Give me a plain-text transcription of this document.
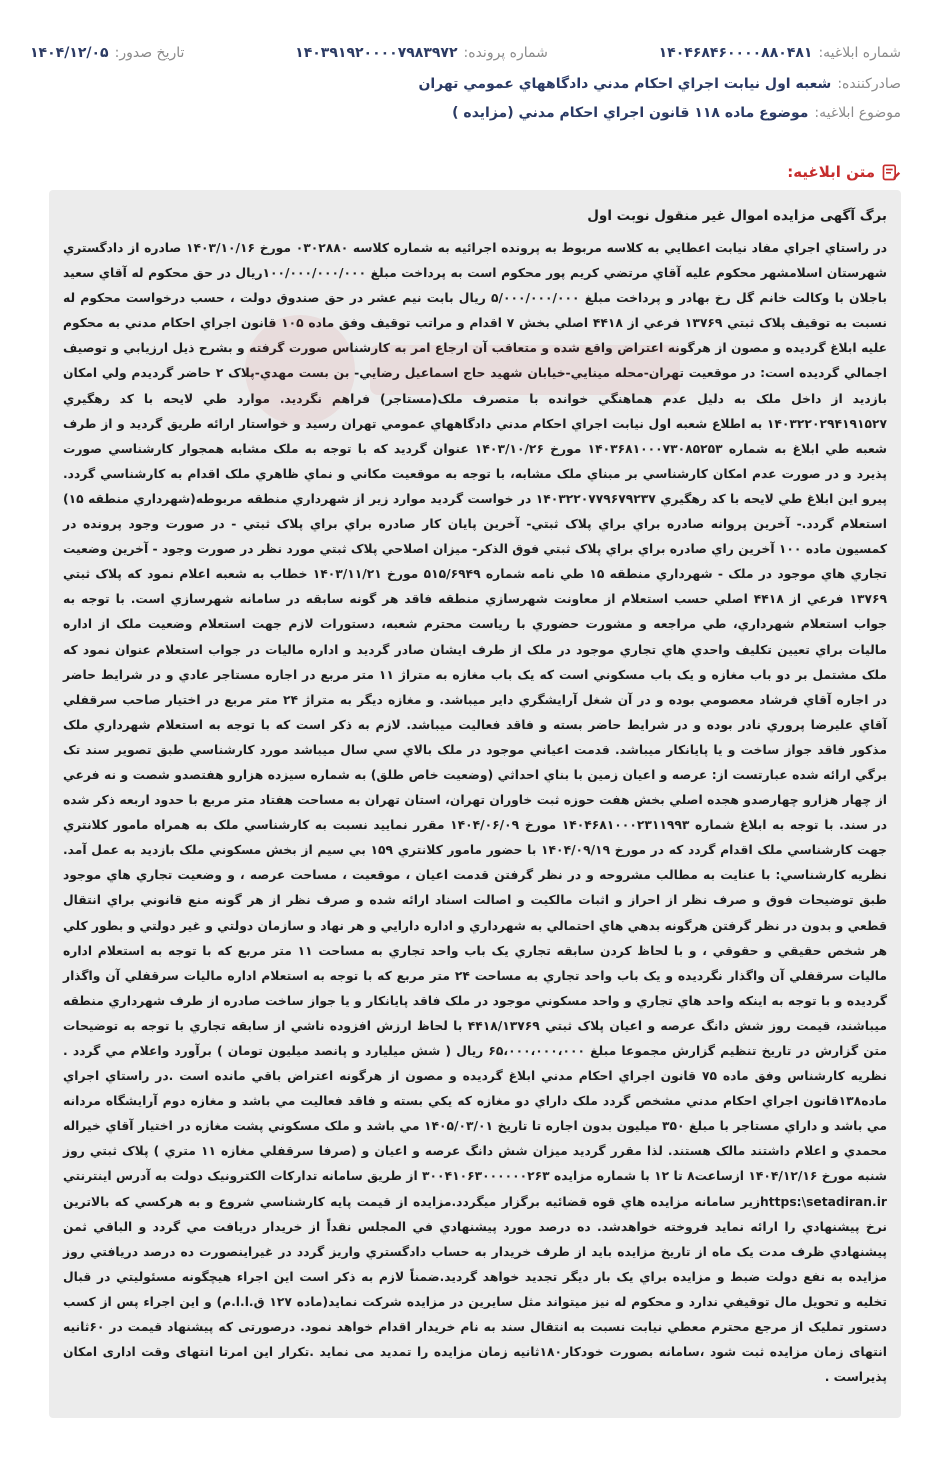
شماره ابلاغيه:
۱۴۰۴۶۸۴۶۰۰۰۰۸۸۰۴۸۱
شماره پرونده:
۱۴۰۳۹۱۹۲۰۰۰۰۷۹۸۳۹۷۲
تاريخ صدور:
۱۴۰۴/۱۲/۰۵
صادرکننده:
شعبه اول نيابت اجراي احکام مدني دادگاههاي عمومي تهران
موضوع ابلاغيه:
موضوع ماده ۱۱۸ قانون اجراي احکام مدني (مزايده )
متن ابلاغيه:
برگ آگهی مزايده اموال غير منقول نوبت اول

در راستاي اجراي مفاد نيابت اعطايي به کلاسه مربوط به پرونده اجرائيه به شماره کلاسه ۰۳۰۲۸۸۰ مورخ ۱۴۰۳/۱۰/۱۶ صادره از دادگستري شهرستان اسلامشهر محکوم عليه آقاي مرتضي کريم پور محکوم است به پرداخت مبلغ ۱۰۰/۰۰۰/۰۰۰/۰۰۰ريال در حق محکوم له آقاي سعيد باجلان با وکالت خانم گل رخ بهادر و پرداخت مبلغ ۵/۰۰۰/۰۰۰/۰۰۰ ريال بابت نيم عشر در حق صندوق دولت ، حسب درخواست محکوم له نسبت به توقيف پلاک ثبتي ۱۳۷۶۹ فرعي از ۴۴۱۸ اصلي بخش ۷ اقدام و مراتب توقيف وفق ماده ۱۰۵ قانون اجراي احکام مدني به محکوم عليه ابلاغ گرديده و مصون از هرگونه اعتراض واقع شده و متعاقب آن ارجاع امر به کارشناس صورت گرفته و بشرح ذيل ارزيابي و توصيف اجمالي گرديده است: در موقعيت تهران-محله مينايي-خيابان شهيد حاج اسماعيل رضايي- بن بست مهدي-پلاک ۲ حاضر گرديدم ولي امکان بازديد از داخل ملک به دليل عدم هماهنگي خوانده با متصرف ملک(مستاجر) فراهم نگرديد. موارد طي لايحه با کد رهگيري ۱۴۰۳۲۲۰۲۹۴۱۹۱۵۲۷ به اطلاع شعبه اول نيابت اجراي احکام مدني دادگاههاي عمومي تهران رسيد و خواستار ارائه طريق گرديد و از طرف شعبه طي ابلاغ به شماره ۱۴۰۳۶۸۱۰۰۰۷۳۰۸۵۲۵۳ مورخ ۱۴۰۳/۱۰/۲۶ عنوان گرديد که با توجه به ملک مشابه همجوار کارشناسي صورت پذيرد و در صورت عدم امکان کارشناسي بر مبناي ملک مشابه، با توجه به موقعيت مکاني و نماي ظاهري ملک اقدام به کارشناسي گردد. پيرو اين ابلاغ طي لايحه با کد رهگيري ۱۴۰۳۲۲۰۷۷۹۶۷۹۲۳۷ در خواست گرديد موارد زير از شهرداري منطقه مربوطه(شهرداري منطقه ۱۵) استعلام گردد.- آخرين پروانه صادره براي براي پلاک ثبتي- آخرين پايان کار صادره براي براي پلاک ثبتي - در صورت وجود پرونده در کمسيون ماده ۱۰۰ آخرين راي صادره براي براي پلاک ثبتي فوق الذکر- ميزان اصلاحي پلاک ثبتي مورد نظر در صورت وجود - آخرين وضعيت تجاري هاي موجود در ملک - شهرداري منطقه ۱۵ طي نامه شماره ۵۱۵/۶۹۴۹ مورخ ۱۴۰۳/۱۱/۲۱ خطاب به شعبه اعلام نمود که پلاک ثبتي ۱۳۷۶۹ فرعي از ۴۴۱۸ اصلي حسب استعلام از معاونت شهرسازي منطقه فاقد هر گونه سابقه در سامانه شهرسازي است. با توجه به جواب استعلام شهرداري، طي مراجعه و مشورت حضوري با رياست محترم شعبه، دستورات لازم جهت استعلام وضعيت ملک از اداره ماليات براي تعيين تکليف واحدي هاي تجاري موجود در ملک از طرف ايشان صادر گرديد و اداره ماليات در جواب استعلام عنوان نمود که ملک مشتمل بر دو باب مغازه و يک باب مسکوني است که يک باب مغازه به متراژ ۱۱ متر مربع در اجاره مستاجر عادي و در شرايط حاضر در اجاره آقاي فرشاد معصومي بوده و در آن شغل آرايشگري داير ميباشد. و مغازه ديگر به متراژ ۲۴ متر مربع در اختيار صاحب سرقفلي آقاي عليرضا پروري نادر بوده و در شرايط حاضر بسته و فاقد فعاليت ميباشد. لازم به ذکر است که با توجه به استعلام شهرداري ملک مذکور فاقد جواز ساخت و يا پايانکار ميباشد. قدمت اعياني موجود در ملک بالاي سي سال ميباشد مورد کارشناسي طبق تصوير سند تک برگي ارائه شده عبارتست از: عرصه و اعيان زمين با بناي احداثي (وضعيت خاص طلق) به شماره سيزده هزارو هفتصدو شصت و نه فرعي از چهار هزارو چهارصدو هجده اصلي بخش هفت حوزه ثبت خاوران تهران، استان تهران به مساحت هفتاد متر مربع با حدود اربعه ذکر شده در سند. با توجه به ابلاغ شماره ۱۴۰۴۶۸۱۰۰۰۲۳۱۱۹۹۳ مورخ ۱۴۰۴/۰۶/۰۹ مقرر نماييد نسبت به کارشناسي ملک به همراه مامور کلانتري جهت کارشناسي ملک اقدام گردد که در مورخ ۱۴۰۴/۰۹/۱۹ با حضور مامور کلانتري ۱۵۹ بي سيم از بخش مسکوني ملک بازديد به عمل آمد. نظريه کارشناسي: با عنايت به مطالب مشروحه و در نظر گرفتن قدمت اعيان ، موقعيت ، مساحت عرصه ، و وضعيت تجاري هاي موجود طبق توضيحات فوق و صرف نظر از احراز و اثبات مالکيت و اصالت اسناد ارائه شده و صرف نظر از هر گونه منع قانوني براي انتقال قطعي و بدون در نظر گرفتن هرگونه بدهي هاي احتمالي به شهرداري و اداره دارايي و هر نهاد و سازمان دولتي و غير دولتي و بطور کلي هر شخص حقيقي و حقوقي ، و با لحاظ کردن سابقه تجاري يک باب واحد تجاري به مساحت ۱۱ متر مربع که با توجه به استعلام اداره ماليات سرقفلي آن واگذار نگرديده و يک باب واحد تجاري به مساحت ۲۴ متر مربع که با توجه به استعلام اداره ماليات سرقفلي آن واگذار گرديده و با توجه به اينکه واحد هاي تجاري و واحد مسکوني موجود در ملک فاقد پايانکار و يا جواز ساخت صادره از طرف شهرداري منطقه ميباشند، قيمت روز شش دانگ عرصه و اعيان پلاک ثبتي ۴۴۱۸/۱۳۷۶۹ با لحاظ ارزش افزوده ناشي از سابقه تجاري با توجه به توضيحات متن گزارش در تاريخ تنظيم گزارش مجموعا مبلغ ۶۵،۰۰۰،۰۰۰،۰۰۰ ريال ( شش ميليارد و پانصد ميليون تومان ) برآورد واعلام مي گردد . نظريه کارشناس وفق ماده ۷۵ قانون اجراي احکام مدني ابلاغ گرديده و مصون از هرگونه اعتراض باقي مانده است .در راستاي اجراي ماده۱۳۸قانون اجراي احکام مدني مشخص گردد ملک داراي دو مغازه که يکي بسته و فاقد فعاليت مي باشد و مغازه دوم آرايشگاه مردانه مي باشد و داراي مستاجر با مبلغ ۳۵۰ ميليون بدون اجاره تا تاريخ ۱۴۰۵/۰۳/۰۱ مي باشد و ملک مسکوني پشت مغازه در اختيار آقاي خيراله محمدي و اعلام داشتند مالک هستند. لذا مقرر گرديد ميزان شش دانگ عرصه و اعيان و (صرفا سرقفلي مغازه ۱۱ متري ) پلاک ثبتي روز شنبه مورخ ۱۴۰۴/۱۲/۱۶ ازساعت۸ تا ۱۲ با شماره مزايده ۳۰۰۴۱۰۶۳۰۰۰۰۰۰۲۶۳ از طريق سامانه تدارکات الکترونيک دولت به آدرس اينترنتي https:\setadiran.irزير سامانه مزايده هاي قوه قضائيه برگزار ميگردد.مزايده از قيمت پايه کارشناسي شروع و به هرکسي که بالاترين نرخ پيشنهادي را ارائه نمايد فروخته خواهدشد. ده درصد مورد پيشنهادي في المجلس نقداً از خريدار دريافت مي گردد و الباقي ثمن پيشنهادي ظرف مدت يک ماه از تاريخ مزايده بايد از طرف خريدار به حساب دادگستري واريز گردد در غيراينصورت ده درصد دريافتي روز مزايده به نفع دولت ضبط و مزايده براي يک بار ديگر تجديد خواهد گرديد.ضمناً لازم به ذکر است اين اجراء هيچگونه مسئوليتي در قبال تخليه و تحويل مال توقيفي ندارد و محکوم له نيز ميتواند مثل سايرين در مزايده شرکت نمايد(ماده ۱۲۷ ق.ا.ا.م) و اين اجراء پس از کسب دستور تمليک از مرجع محترم معطي نيابت نسبت به انتقال سند به نام خريدار اقدام خواهد نمود. درصورتی که پيشنهاد قيمت در ۶۰ثانيه انتهای زمان مزايده ثبت شود ،سامانه بصورت خودکار۱۸۰ثانيه زمان مزايده را تمديد می نمايد .تکرار اين امرتا انتهای وقت اداری امکان پذيراست .
